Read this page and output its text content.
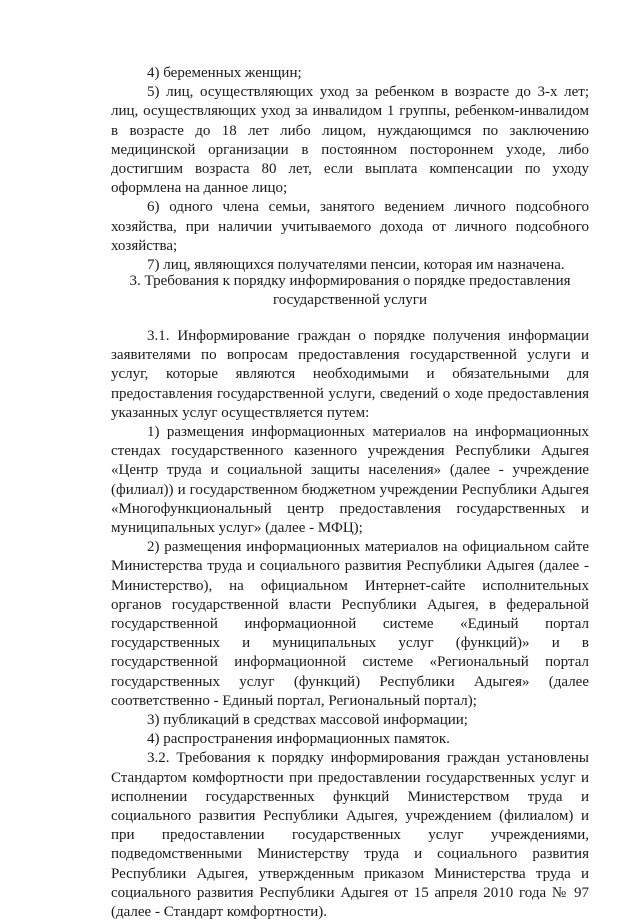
4) беременных женщин;

5) лиц, осуществляющих уход за ребенком в возрасте до 3-х лет; лиц, осуществляющих уход за инвалидом 1 группы, ребенком-инвалидом в возрасте до 18 лет либо лицом, нуждающимся по заключению медицинской организации в постоянном постороннем уходе, либо достигшим возраста 80 лет, если выплата компенсации по уходу оформлена на данное лицо;

6) одного члена семьи, занятого ведением личного подсобного хозяйства, при наличии учитываемого дохода от личного подсобного хозяйства;

7) лиц, являющихся получателями пенсии, которая им назначена.

3. Требования к порядку информирования о порядке предоставления

государственной услуги

3.1. Информирование граждан о порядке получения информации заявителями по вопросам предоставления государственной услуги и услуг, которые являются необходимыми и обязательными для предоставления государственной услуги, сведений о ходе предоставления указанных услуг осуществляется путем:

1) размещения информационных материалов на информационных стендах государственного казенного учреждения Республики Адыгея «Центр труда и социальной защиты населения» (далее - учреждение (филиал)) и государственном бюджетном учреждении Республики Адыгея «Многофункциональный центр предоставления государственных и муниципальных услуг» (далее - МФЦ);

2) размещения информационных материалов на официальном сайте Министерства труда и социального развития Республики Адыгея (далее - Министерство), на официальном Интернет-сайте исполнительных органов государственной власти Республики Адыгея, в федеральной государственной информационной системе «Единый портал государственных и муниципальных услуг (функций)» и в государственной информационной системе «Региональный портал государственных услуг (функций) Республики Адыгея» (далее соответственно - Единый портал, Региональный портал);

3) публикаций в средствах массовой информации;

4) распространения информационных памяток.

3.2. Требования к порядку информирования граждан установлены Стандартом комфортности при предоставлении государственных услуг и исполнении государственных функций Министерством труда и социального развития Республики Адыгея, учреждением (филиалом) и при предоставлении государственных услуг учреждениями, подведомственными Министерству труда и социального развития Республики Адыгея, утвержденным приказом Министерства труда и социального развития Республики Адыгея от 15 апреля 2010 года № 97 (далее - Стандарт комфортности).
